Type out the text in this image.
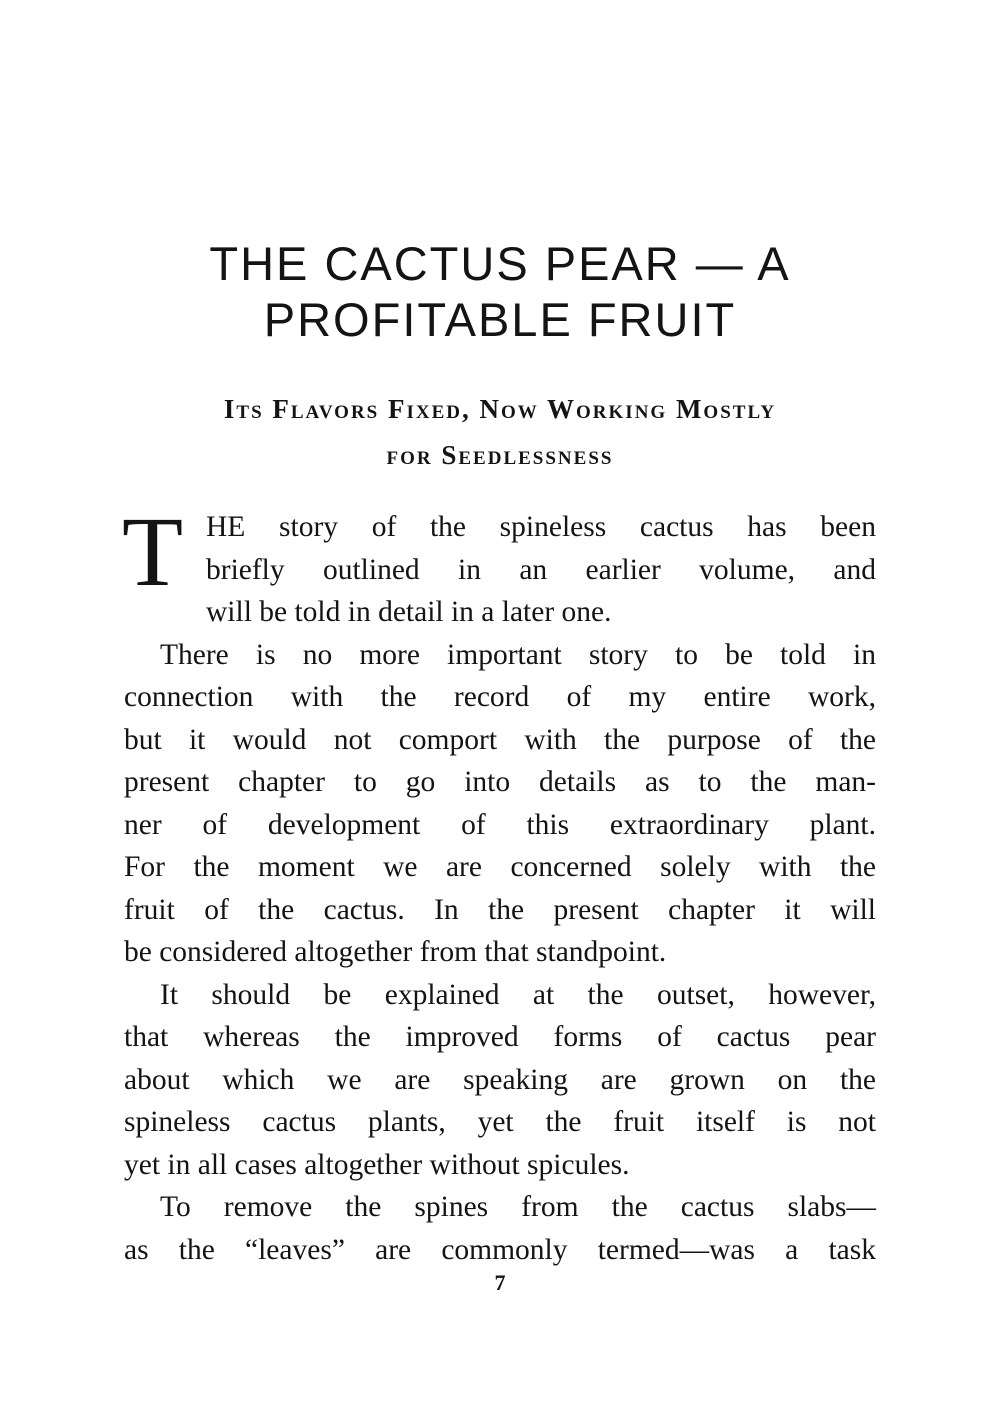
THE CACTUS PEAR — A
PROFITABLE FRUIT
Its Flavors Fixed, Now Working Mostly
for Seedlessness
T HE story of the spineless cactus has been
briefly outlined in an earlier volume, and
will be told in detail in a later one.
There is no more important story to be told in
connection with the record of my entire work,
but it would not comport with the purpose of the
present chapter to go into details as to the man-
ner of development of this extraordinary plant.
For the moment we are concerned solely with the
fruit of the cactus. In the present chapter it will
be considered altogether from that standpoint.
It should be explained at the outset, however,
that whereas the improved forms of cactus pear
about which we are speaking are grown on the
spineless cactus plants, yet the fruit itself is not
yet in all cases altogether without spicules.
To remove the spines from the cactus slabs—
as the “leaves” are commonly termed—was a task
7
